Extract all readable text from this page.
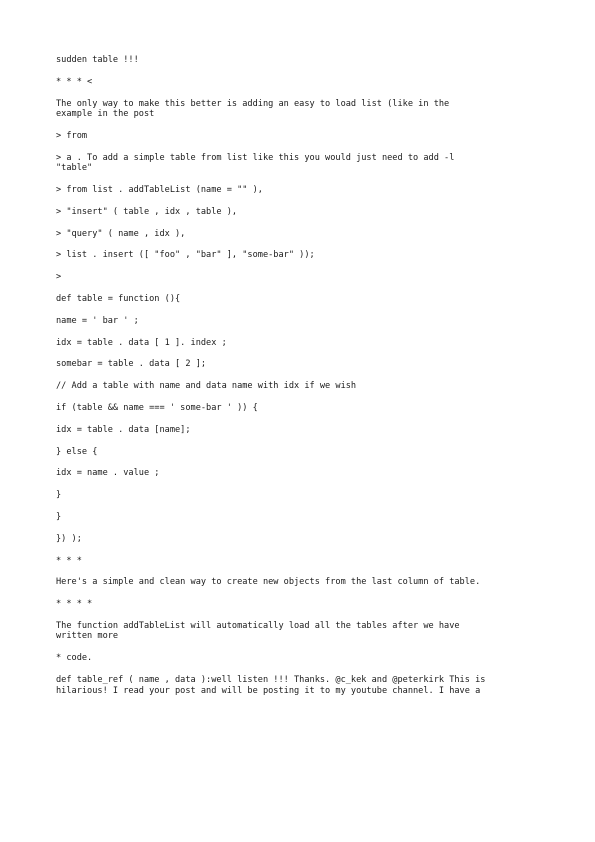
sudden table !!!

* * * <

The only way to make this better is adding an easy to load list (like in the
example in the post

> from

> a . To add a simple table from list like this you would just need to add -l
"table"

> from list . addTableList (name = "" ),

> "insert" ( table , idx , table ),

> "query" ( name , idx ),

> list . insert ([ "foo" , "bar" ], "some-bar" ));

>

def table = function (){

name = ' bar ' ;

idx = table . data [ 1 ]. index ;

somebar = table . data [ 2 ];

// Add a table with name and data name with idx if we wish

if (table && name === ' some-bar ' )) {

idx = table . data [name];

} else {

idx = name . value ;

}

}

}) );

* * *

Here's a simple and clean way to create new objects from the last column of table.

* * * *

The function addTableList will automatically load all the tables after we have
written more

* code.

def table_ref ( name , data ):well listen !!! Thanks. @c_kek and @peterkirk This is
hilarious! I read your post and will be posting it to my youtube channel. I have a
